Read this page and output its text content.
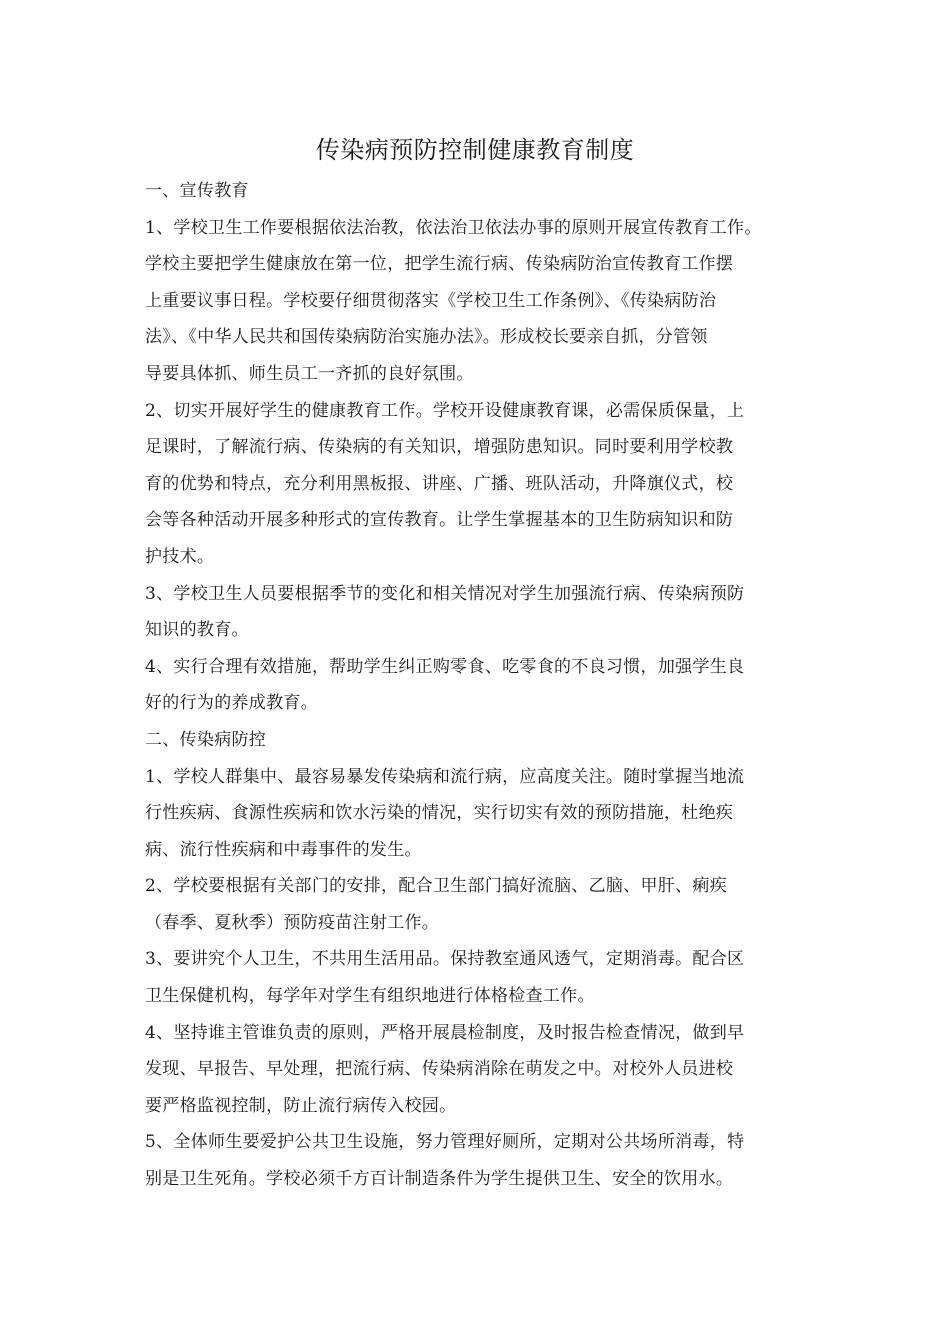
传染病预防控制健康教育制度
一、宣传教育
1、学校卫生工作要根据依法治教，依法治卫依法办事的原则开展宣传教育工作。
学校主要把学生健康放在第一位，把学生流行病、传染病防治宣传教育工作摆
上重要议事日程。学校要仔细贯彻落实《学校卫生工作条例》、《传染病防治
法》、《中华人民共和国传染病防治实施办法》。形成校长要亲自抓，分管领
导要具体抓、师生员工一齐抓的良好氛围。
2、切实开展好学生的健康教育工作。学校开设健康教育课，必需保质保量，上
足课时，了解流行病、传染病的有关知识，增强防患知识。同时要利用学校教
育的优势和特点，充分利用黑板报、讲座、广播、班队活动，升降旗仪式，校
会等各种活动开展多种形式的宣传教育。让学生掌握基本的卫生防病知识和防
护技术。
3、学校卫生人员要根据季节的变化和相关情况对学生加强流行病、传染病预防
知识的教育。
4、实行合理有效措施，帮助学生纠正购零食、吃零食的不良习惯，加强学生良
好的行为的养成教育。
二、传染病防控
1、学校人群集中、最容易暴发传染病和流行病，应高度关注。随时掌握当地流
行性疾病、食源性疾病和饮水污染的情况，实行切实有效的预防措施，杜绝疾
病、流行性疾病和中毒事件的发生。
2、学校要根据有关部门的安排，配合卫生部门搞好流脑、乙脑、甲肝、痢疾
（春季、夏秋季）预防疫苗注射工作。
3、要讲究个人卫生，不共用生活用品。保持教室通风透气，定期消毒。配合区
卫生保健机构，每学年对学生有组织地进行体格检查工作。
4、坚持谁主管谁负责的原则，严格开展晨检制度，及时报告检查情况，做到早
发现、早报告、早处理，把流行病、传染病消除在萌发之中。对校外人员进校
要严格监视控制，防止流行病传入校园。
5、全体师生要爱护公共卫生设施，努力管理好厕所，定期对公共场所消毒，特
别是卫生死角。学校必须千方百计制造条件为学生提供卫生、安全的饮用水。
